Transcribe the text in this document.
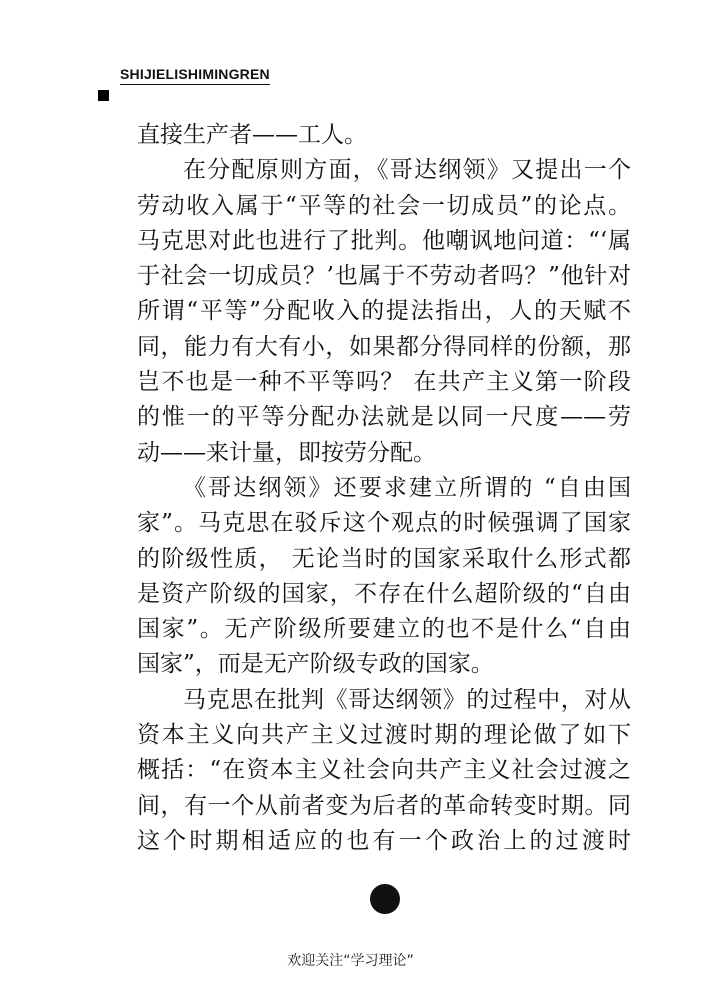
SHIJIELISHIMINGREN
直接生产者——工人。
在分配原则方面，《哥达纲领》又提出一个
劳动收入属于“平等的社会一切成员”的论点。
马克思对此也进行了批判。他嘲讽地问道：“‘属
于社会一切成员？’也属于不劳动者吗？”他针对
所谓“平等”分配收入的提法指出，人的天赋不
同，能力有大有小，如果都分得同样的份额，那
岂不也是一种不平等吗？ 在共产主义第一阶段
的惟一的平等分配办法就是以同一尺度——劳
动——来计量，即按劳分配。
《哥达纲领》还要求建立所谓的 “自由国
家”。马克思在驳斥这个观点的时候强调了国家
的阶级性质， 无论当时的国家采取什么形式都
是资产阶级的国家，不存在什么超阶级的“自由
国家”。无产阶级所要建立的也不是什么“自由
国家”，而是无产阶级专政的国家。
马克思在批判《哥达纲领》的过程中，对从
资本主义向共产主义过渡时期的理论做了如下
概括：“在资本主义社会向共产主义社会过渡之
间，有一个从前者变为后者的革命转变时期。同
这个时期相适应的也有一个政治上的过渡时
欢迎关注“学习理论”
